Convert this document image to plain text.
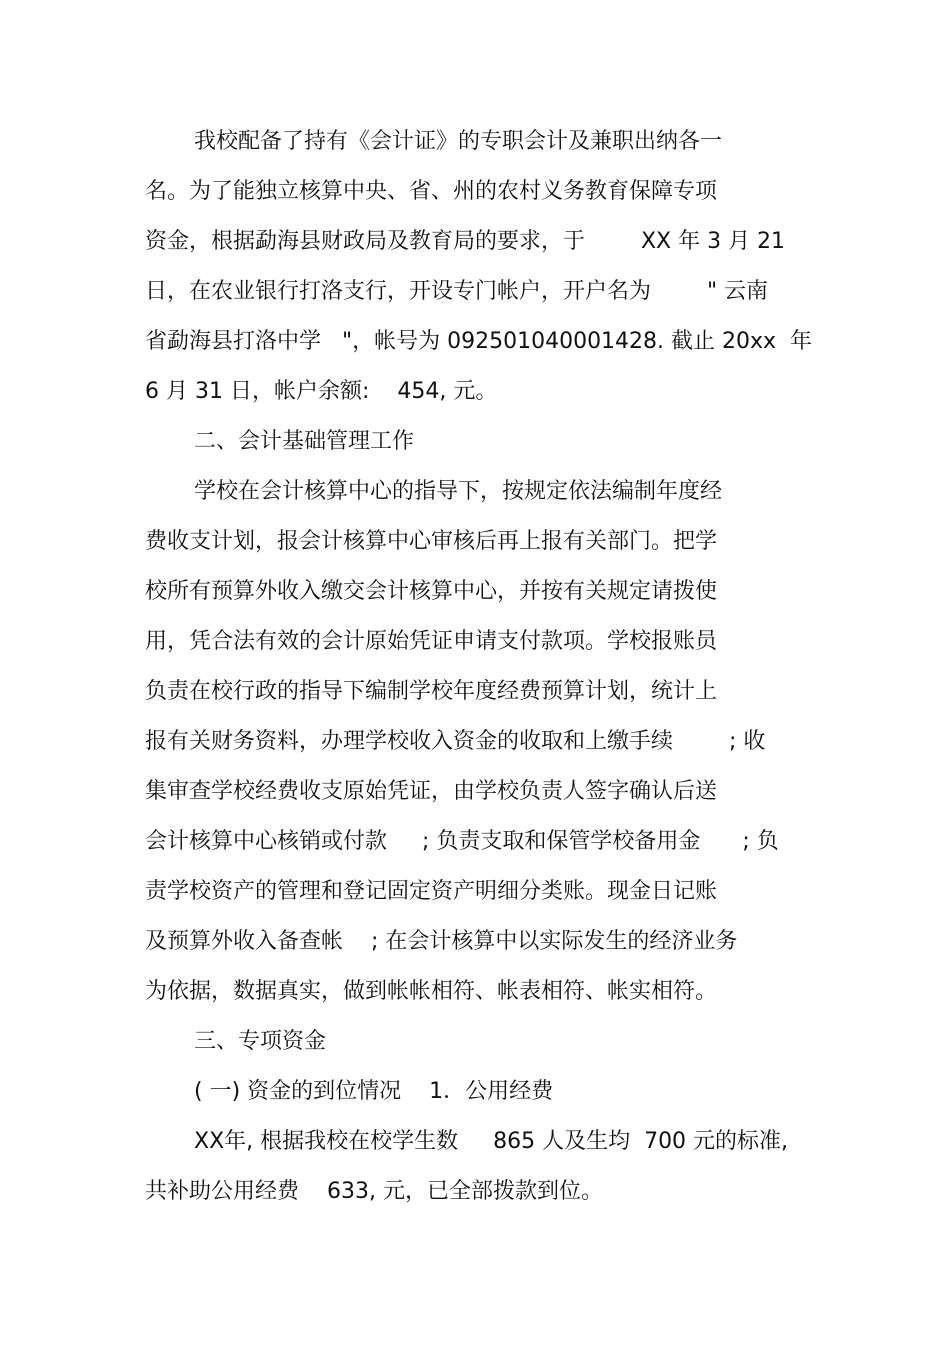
我校配备了持有《会计证》的专职会计及兼职出纳各一
名。为了能独立核算中央、省、州的农村义务教育保障专项
资金，根据勐海县财政局及教育局的要求，于        XX 年 3 月 21
日，在农业银行打洛支行，开设专门帐户，开户名为        " 云南
省勐海县打洛中学   "，帐号为 092501040001428. 截止 20xx  年
6 月 31 日，帐户余额:    454, 元。
二、会计基础管理工作
学校在会计核算中心的指导下，按规定依法编制年度经
费收支计划，报会计核算中心审核后再上报有关部门。把学
校所有预算外收入缴交会计核算中心，并按有关规定请拨使
用，凭合法有效的会计原始凭证申请支付款项。学校报账员
负责在校行政的指导下编制学校年度经费预算计划，统计上
报有关财务资料，办理学校收入资金的收取和上缴手续        ; 收
集审查学校经费收支原始凭证，由学校负责人签字确认后送
会计核算中心核销或付款     ; 负责支取和保管学校备用金      ; 负
责学校资产的管理和登记固定资产明细分类账。现金日记账
及预算外收入备查帐    ; 在会计核算中以实际发生的经济业务
为依据，数据真实，做到帐帐相符、帐表相符、帐实相符。
三、专项资金
( 一) 资金的到位情况    1．公用经费
XX年, 根据我校在校学生数     865 人及生均  700 元的标准,
共补助公用经费    633, 元，已全部拨款到位。
